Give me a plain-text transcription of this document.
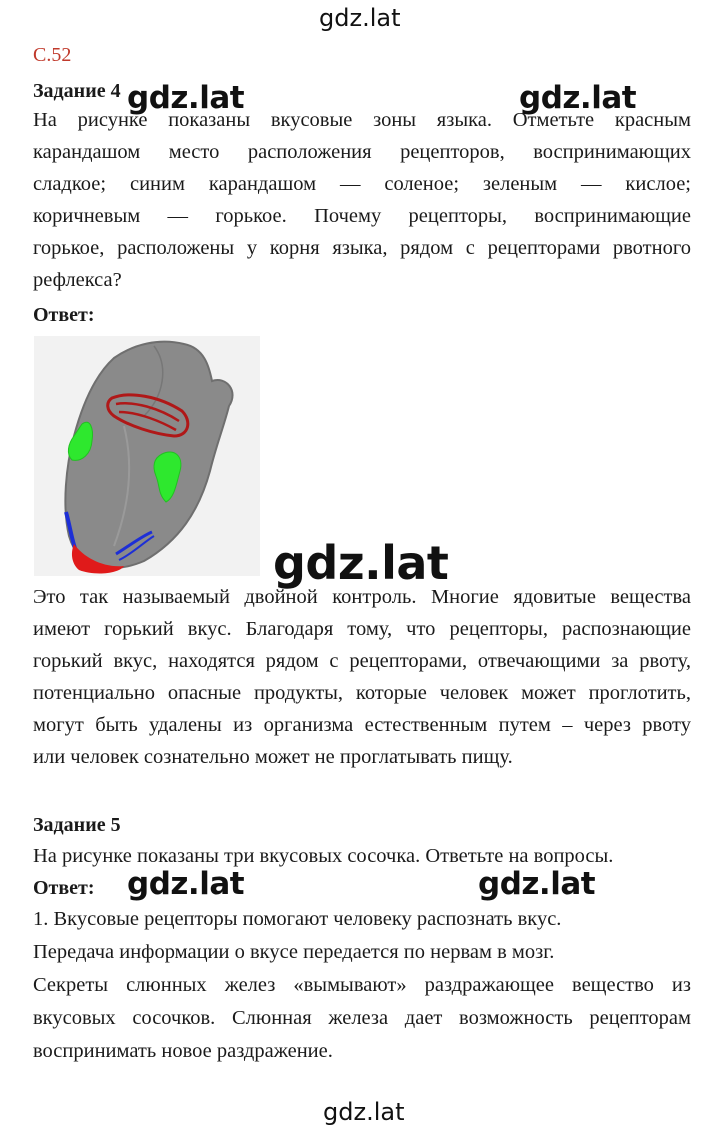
gdz.lat
С.52
Задание 4
На рисунке показаны вкусовые зоны языка. Отметьте красным
карандашом место расположения рецепторов, воспринимающих
сладкое; синим карандашом — соленое; зеленым — кислое;
коричневым — горькое. Почему рецепторы, воспринимающие
горькое, расположены у корня языка, рядом с рецепторами рвотного
рефлекса?
gdz.lat	gdz.lat
Ответ:
gdz.lat
Это так называемый двойной контроль. Многие ядовитые вещества
имеют горький вкус. Благодаря тому, что рецепторы, распознающие
горький вкус, находятся рядом с рецепторами, отвечающими за рвоту,
потенциально опасные продукты, которые человек может проглотить,
могут быть удалены из организма естественным путем – через рвоту
или человек сознательно может не проглатывать пищу.
Задание 5
На рисунке показаны три вкусовых сосочка. Ответьте на вопросы.
Ответ: gdz.lat	gdz.lat
1. Вкусовые рецепторы помогают человеку распознать вкус.
Передача информации о вкусе передается по нервам в мозг.
Секреты слюнных желез «вымывают» раздражающее вещество из
вкусовых сосочков. Слюнная железа дает возможность рецепторам
воспринимать новое раздражение.
gdz.lat
